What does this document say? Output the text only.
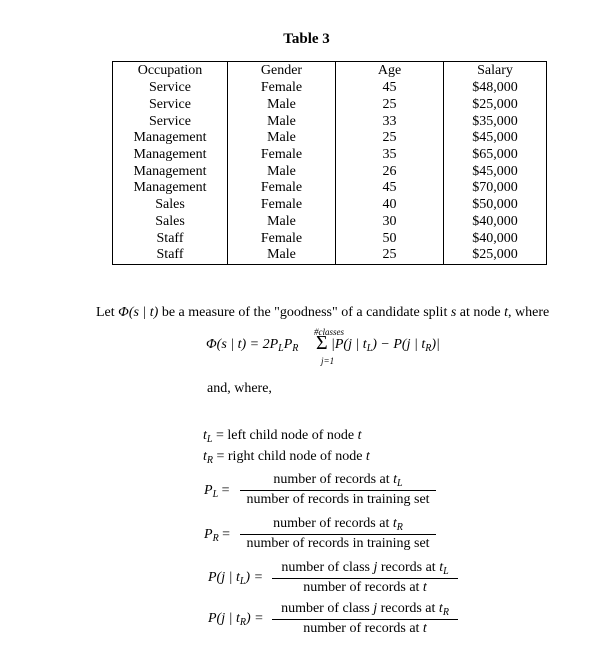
Table 3
Occupation	Gender	Age	Salary
Service	Female	45	$48,000
Service	Male	25	$25,000
Service	Male	33	$35,000
Management	Male	25	$45,000
Management	Female	35	$65,000
Management	Male	26	$45,000
Management	Female	45	$70,000
Sales	Female	40	$50,000
Sales	Male	30	$40,000
Staff	Female	50	$40,000
Staff	Male	25	$25,000
Let Φ(s | t) be a measure of the "goodness" of a candidate split s at node t, where
Φ(s | $t) = 2P_LP_R$
#classes
Σ
j=1
|P(j | $t_L) - P(j$ | $t_R)|$
and, where,
$t_L$ = left child node of node t
$t_R$ = right child node of node t
$P_L$ =
number of records at $t_L$
number of records in training set
$P_R$ =
number of records at $t_R$
number of records in training set
P(j | $t_L$) =
number of class j records at $t_L$
number of records at t
P(j | $t_R$) =
number of class j records at $t_R$
number of records at t
